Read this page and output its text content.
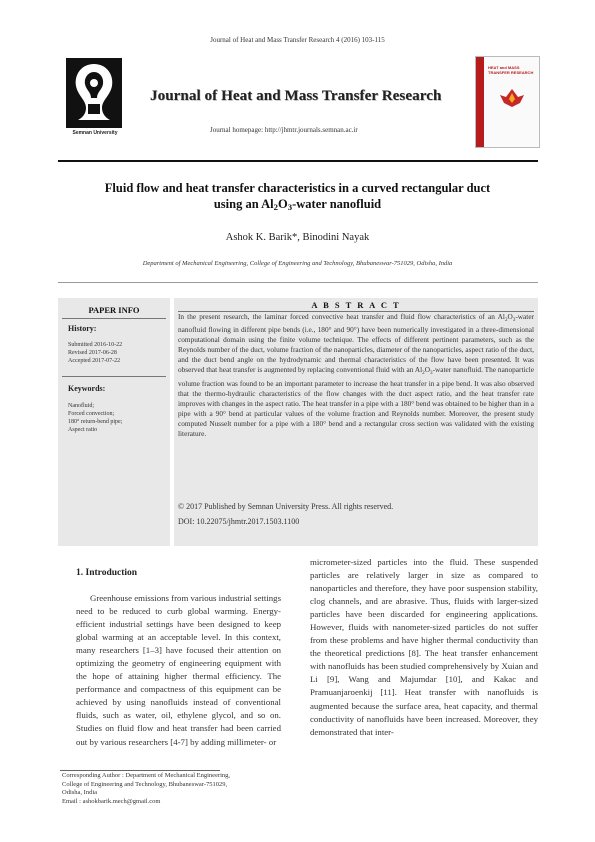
Journal of Heat and Mass Transfer Research 4 (2016) 103-115
Semnan University
Journal of Heat and Mass Transfer Research
Journal homepage: http://jhmtr.journals.semnan.ac.ir
HEAT and MASS
TRANSFER RESEARCH
Fluid flow and heat transfer characteristics in a curved rectangular duct
using an $Al_2O_3$-water nanofluid
Ashok K. Barik*, Binodini Nayak
Department of Mechanical Engineering, College of Engineering and Technology, Bhubaneswar-751029, Odisha, India
PAPER INFO
History:
Submitted 2016-10-22
Revised 2017-06-28
Accepted 2017-07-22
Keywords:
Nanofluid;
Forced convection;
180° return-bend pipe;
Aspect ratio
A B S T R A C T
In the present research, the laminar forced convective heat transfer and fluid flow characteristics of an $Al_2O_3$-water nanofluid flowing in different pipe bends (i.e., 180° and 90°) have been numerically investigated in a three-dimensional computational domain using the finite volume technique. The effects of different pertinent parameters, such as the Reynolds number of the duct, volume fraction of the nanoparticles, diameter of the nanoparticles, aspect ratio of the duct, and the duct bend angle on the hydrodynamic and thermal characteristics of the flow have been presented. It was observed that heat transfer is augmented by replacing conventional fluid with an $Al_2O_3$-water nanofluid. The nanoparticle volume fraction was found to be an important parameter to increase the heat transfer in a pipe bend. It was also observed that the thermo-hydraulic characteristics of the flow changes with the duct aspect ratio, and the heat transfer rate improves with changes in the aspect ratio. The heat transfer in a pipe with a 180° bend was obtained to be higher than in a pipe with a 90° bend at particular values of the volume fraction and Reynolds number. Moreover, the present study computed Nusselt number for a pipe with a 180° bend and a rectangular cross section was validated with the existing literature.
© 2017 Published by Semnan University Press. All rights reserved.
DOI: 10.22075/jhmtr.2017.1503.1100
1. Introduction
Greenhouse emissions from various industrial settings need to be reduced to curb global warming. Energy-efficient industrial settings have been designed to keep global warming at an acceptable level. In this context, many researchers [1–3] have focused their attention on optimizing the geometry of engineering equipment with the hope of attaining higher thermal efficiency. The performance and compactness of this equipment can be achieved by using nanofluids instead of conventional fluids, such as water, oil, ethylene glycol, and so on. Studies on fluid flow and heat transfer had been carried out by various researchers [4-7] by adding millimeter- or
micrometer-sized particles into the fluid. These suspended particles are relatively larger in size as compared to nanoparticles and therefore, they have poor suspension stability, clog channels, and are abrasive. Thus, fluids with larger-sized particles have been discarded for engineering applications. However, fluids with nanometer-sized particles do not suffer from these problems and have higher thermal conductivity than the theoretical predictions [8]. The heat transfer enhancement with nanofluids has been studied comprehensively by Xuian and Li [9], Wang and Majumdar [10], and Kakac and Pramuanjaroenkij [11]. Heat transfer with nanofluids is augmented because the surface area, heat capacity, and thermal conductivity of nanofluids have been increased. Moreover, they demonstrated that inter-
Corresponding Author : Department of Mechanical Engineering,
College of Engineering and Technology, Bhubaneswar-751029,
Odisha, India
Email : ashokbarik.mech@gmail.com
